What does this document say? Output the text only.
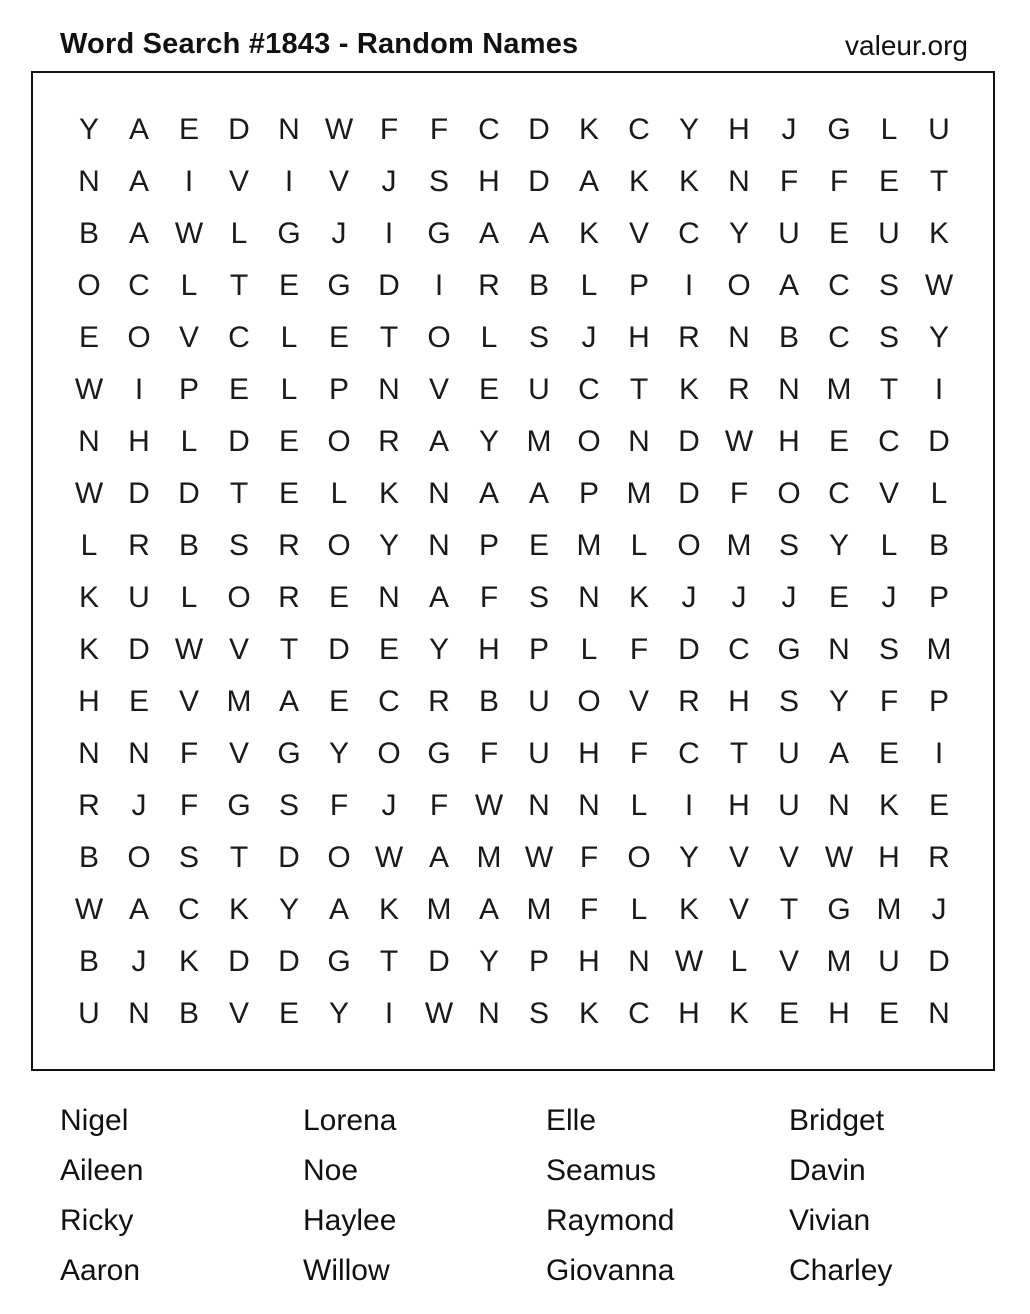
Word Search #1843 - Random Names	valeur.org
Y A E D N W F	F	C D K C Y H	J	G L	U
N A	I	V	I	V	J	S H D A K K N	F	F	E	T
B A W L G	J	I	G A A K V C Y U E U K
O C	L	T	E G D	I	R B	L	P	I	O A C S W
E O V C	L	E	T O L	S	J	H R N B C S Y
W	I	P E	L	P N V E U C	T	K R N M T	I
N H	L	D E O R A Y M O N D W H E C D
W D D	T	E	L	K N A A P M D	F O C V	L
L	R B S R O Y N P E M L O M S Y	L	B
K U	L O R E N A	F	S N K	J	J	J	E	J	P
K D W V	T	D E Y H P	L	F	D C G N S M
H E V M A E C R B U O V R H S Y	F	P
N N	F	V G Y O G F	U H	F	C	T	U A E	I
R	J	F G S	F	J	F W N N	L	I	H U N K E
B O S	T	D O W A M W F O Y V V W H R
W A C K Y A K M A M F	L	K V	T G M	J
B	J	K D D G T	D Y P H N W L	V M U D
U N B V E Y	I	W N S K C H K E H E N
Nigel	Lorena	Elle	Bridget
Aileen	Noe	Seamus	Davin
Ricky	Haylee	Raymond	Vivian
Aaron	Willow	Giovanna	Charley
